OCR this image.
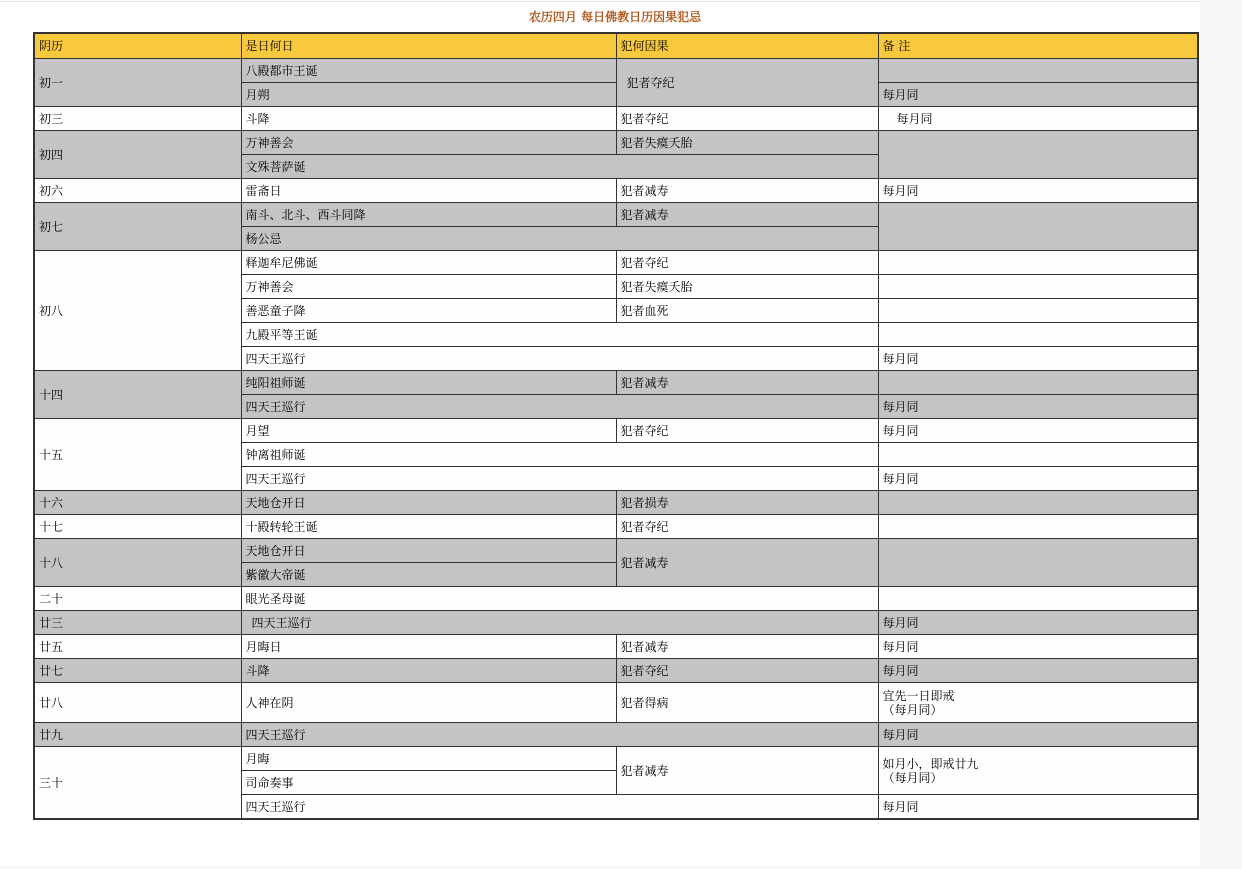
农历四月 每日佛教日历因果犯忌
阴历	是日何日	犯何因果	备 注
初一	八殿都市王诞	犯者夺纪	
	月朔		每月同
初三	斗降	犯者夺纪	每月同
初四	万神善会	犯者失瘼夭胎	
	文殊菩萨诞		
初六	雷斋日	犯者减寿	每月同
初七	南斗、北斗、西斗同降	犯者减寿	
	杨公忌		
初八	释迦牟尼佛诞	犯者夺纪	
	万神善会	犯者失瘼夭胎	
	善恶童子降	犯者血死	
	九殿平等王诞		
	四天王巡行		每月同
十四	纯阳祖师诞	犯者减寿	
	四天王巡行		每月同
十五	月望	犯者夺纪	每月同
	钟离祖师诞		
	四天王巡行		每月同
十六	天地仓开日	犯者损寿	
十七	十殿转轮王诞	犯者夺纪	
十八	天地仓开日	犯者减寿	
	紫徽大帝诞		
二十	眼光圣母诞		
廿三	四天王巡行		每月同
廿五	月晦日	犯者减寿	每月同
廿七	斗降	犯者夺纪	每月同
廿八	人神在阴	犯者得病	宜先一日即戒
（每月同）
廿九	四天王巡行		每月同
三十	月晦	犯者减寿	如月小，即戒廿九
（每月同）
	司命奏事		
	四天王巡行		每月同
